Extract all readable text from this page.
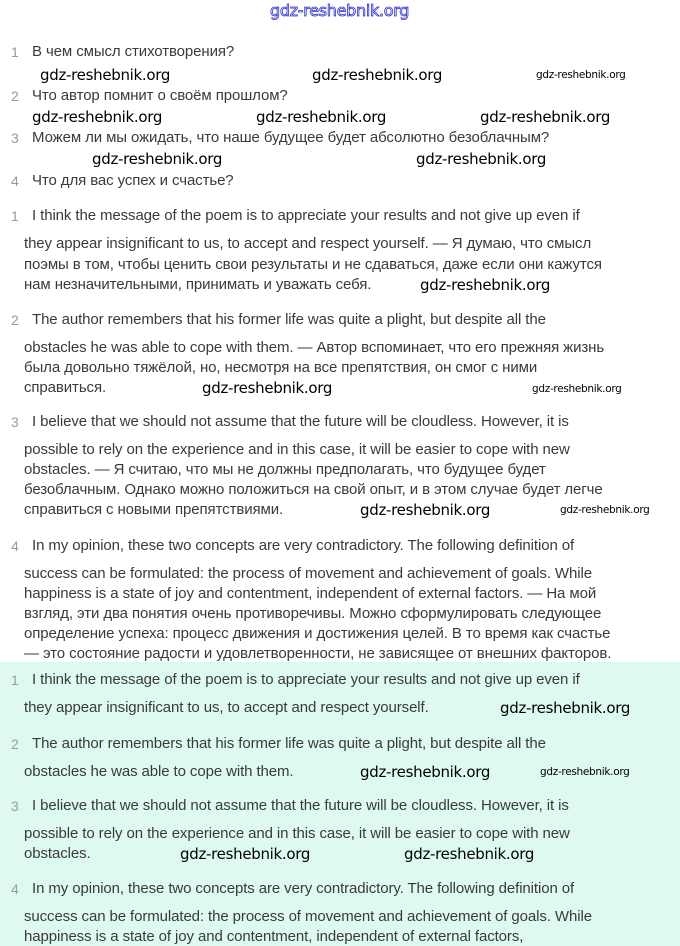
1 В чем смысл стихотворения?
2 Что автор помнит о своём прошлом?
3 Можем ли мы ожидать, что наше будущее будет абсолютно безоблачным?
4 Что для вас успех и счастье?
1 I think the message of the poem is to appreciate your results and not give up even if
they appear insignificant to us, to accept and respect yourself. — Я думаю, что смысл
поэмы в том, чтобы ценить свои результаты и не сдаваться, даже если они кажутся
нам незначительными, принимать и уважать себя.
2 The author remembers that his former life was quite a plight, but despite all the
obstacles he was able to cope with them. — Автор вспоминает, что его прежняя жизнь
была довольно тяжёлой, но, несмотря на все препятствия, он смог с ними
справиться.
3 I believe that we should not assume that the future will be cloudless. However, it is
possible to rely on the experience and in this case, it will be easier to cope with new
obstacles. — Я считаю, что мы не должны предполагать, что будущее будет
безоблачным. Однако можно положиться на свой опыт, и в этом случае будет легче
справиться с новыми препятствиями.
4 In my opinion, these two concepts are very contradictory. The following definition of
success can be formulated: the process of movement and achievement of goals. While
happiness is a state of joy and contentment, independent of external factors. — На мой
взгляд, эти два понятия очень противоречивы. Можно сформулировать следующее
определение успеха: процесс движения и достижения целей. В то время как счастье
— это состояние радости и удовлетворенности, не зависящее от внешних факторов.
1 I think the message of the poem is to appreciate your results and not give up even if
they appear insignificant to us, to accept and respect yourself.
2 The author remembers that his former life was quite a plight, but despite all the
obstacles he was able to cope with them.
3 I believe that we should not assume that the future will be cloudless. However, it is
possible to rely on the experience and in this case, it will be easier to cope with new
obstacles.
4 In my opinion, these two concepts are very contradictory. The following definition of
success can be formulated: the process of movement and achievement of goals. While
happiness is a state of joy and contentment, independent of external factors,
gdz-reshebnik.org
gdz-reshebnik.org	gdz-reshebnik.org	gdz-reshebnik.org
gdz-reshebnik.org	gdz-reshebnik.org	gdz-reshebnik.org
gdz-reshebnik.org	gdz-reshebnik.org
gdz-reshebnik.org
gdz-reshebnik.org	gdz-reshebnik.org
gdz-reshebnik.org	gdz-reshebnik.org
gdz-reshebnik.org
gdz-reshebnik.org	gdz-reshebnik.org
gdz-reshebnik.org	gdz-reshebnik.org
